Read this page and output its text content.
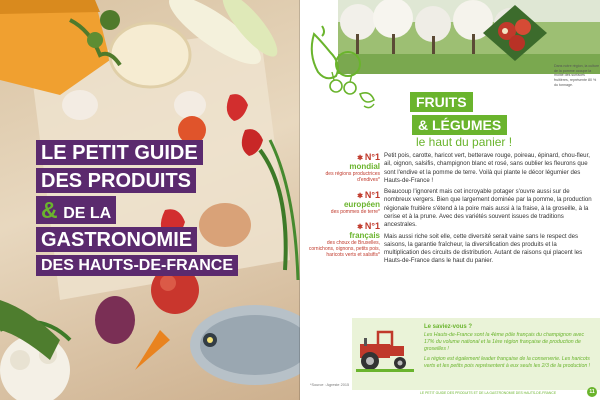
LE PETIT GUIDE
DES PRODUITS
& DE LA
GASTRONOMIE
DES HAUTS-DE-FRANCE
Dans notre région, la culture de la pomme occupe la moitié des surfaces fruitières, représente 80 % du tonnage.
FRUITS
& LÉGUMES
le haut du panier !
✱ N°1
mondial
des régions productrices d'endives*
✱ N°1
européen
des pommes de terre*
✱ N°1
français
des choux de Bruxelles, cornichons, oignons, petits pois, haricots verts et salsifis*

Petit pois, carotte, haricot vert, betterave rouge, poireau, épinard, chou-fleur, ail, oignon, salsifis, champignon blanc et rosé, sans oublier les fleurons que sont l'endive et la pomme de terre. Voilà qui plante le décor légumier des Hauts-de-France !

Beaucoup l'ignorent mais cet incroyable potager s'ouvre aussi sur de nombreux vergers. Bien que largement dominée par la pomme, la production régionale fruitière s'étend à la poire mais aussi à la fraise, à la groseille, à la cerise et à la prune. Avec des variétés souvent issues de traditions ancestrales.

Mais aussi riche soit elle, cette diversité serait vaine sans le respect des saisons, la garantie fraîcheur, la diversification des produits et la multiplication des circuits de distribution. Autant de raisons qui placent les Hauts-de-France dans le haut du panier.

Le saviez-vous ?
Les Hauts-de-France sont la 4ème pôle français du champignon avec 17% du volume national et la 1ère région française de production de groseilles !
La région est également leader française de la conserverie. Les haricots verts et les petits pois représentent à eux seuls les 2/3 de la production !
*Source : Agreste 2015
LE PETIT GUIDE DES PRODUITS ET DE LA GASTRONOMIE DES HAUTS-DE-FRANCE	11
